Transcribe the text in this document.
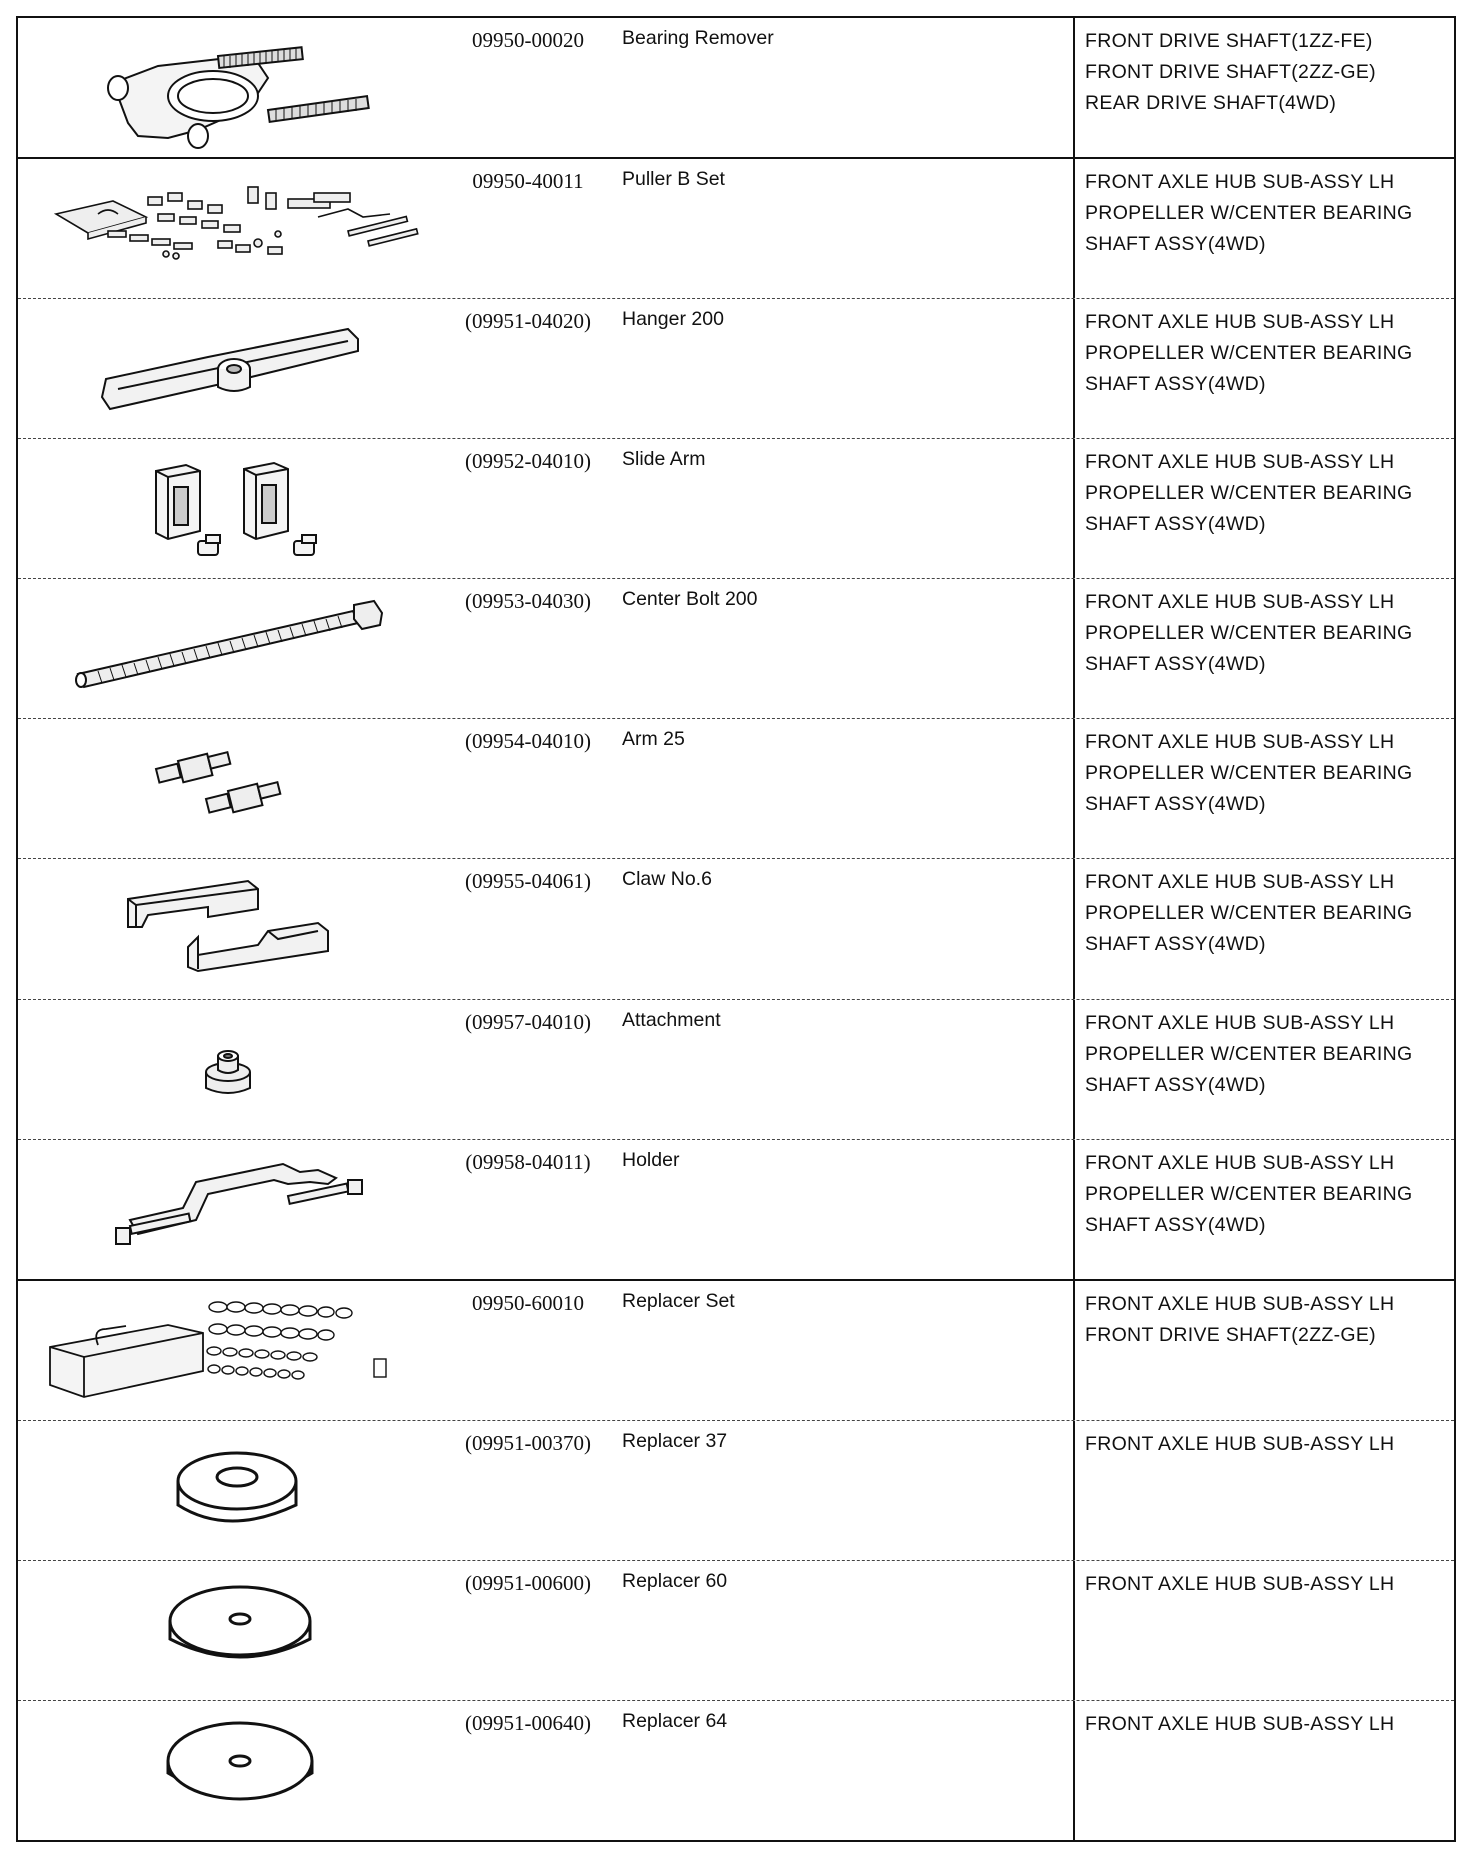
09950-00020	Bearing Remover	FRONT DRIVE SHAFT(1ZZ-FE)
FRONT DRIVE SHAFT(2ZZ-GE)
REAR DRIVE SHAFT(4WD)
09950-40011	Puller B Set	FRONT AXLE HUB SUB-ASSY LH
PROPELLER W/CENTER BEARING
SHAFT ASSY(4WD)
(09951-04020)	Hanger 200	FRONT AXLE HUB SUB-ASSY LH
PROPELLER W/CENTER BEARING
SHAFT ASSY(4WD)
(09952-04010)	Slide Arm	FRONT AXLE HUB SUB-ASSY LH
PROPELLER W/CENTER BEARING
SHAFT ASSY(4WD)
(09953-04030)	Center Bolt 200	FRONT AXLE HUB SUB-ASSY LH
PROPELLER W/CENTER BEARING
SHAFT ASSY(4WD)
(09954-04010)	Arm 25	FRONT AXLE HUB SUB-ASSY LH
PROPELLER W/CENTER BEARING
SHAFT ASSY(4WD)
(09955-04061)	Claw No.6	FRONT AXLE HUB SUB-ASSY LH
PROPELLER W/CENTER BEARING
SHAFT ASSY(4WD)
(09957-04010)	Attachment	FRONT AXLE HUB SUB-ASSY LH
PROPELLER W/CENTER BEARING
SHAFT ASSY(4WD)
(09958-04011)	Holder	FRONT AXLE HUB SUB-ASSY LH
PROPELLER W/CENTER BEARING
SHAFT ASSY(4WD)
09950-60010	Replacer Set	FRONT AXLE HUB SUB-ASSY LH
FRONT DRIVE SHAFT(2ZZ-GE)
(09951-00370)	Replacer 37	FRONT AXLE HUB SUB-ASSY LH
(09951-00600)	Replacer 60	FRONT AXLE HUB SUB-ASSY LH
(09951-00640)	Replacer 64	FRONT AXLE HUB SUB-ASSY LH
